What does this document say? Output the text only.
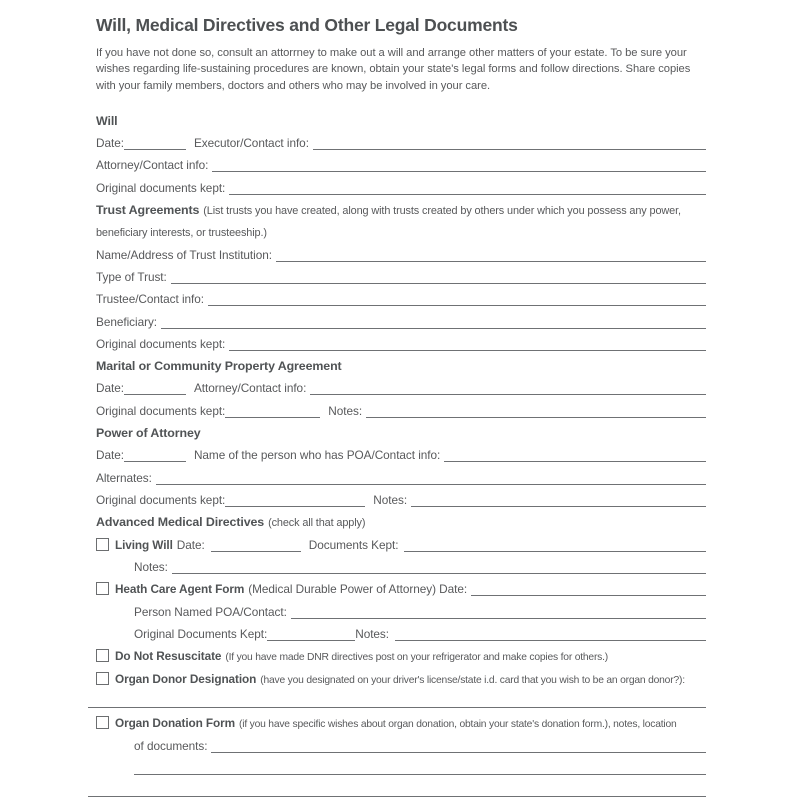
Will, Medical Directives and Other Legal Documents

If you have not done so, consult an attorrney to make out a will and arrange other matters of your estate. To be sure your wishes regarding life-sustaining procedures are known, obtain your state's legal forms and follow directions. Share copies with your family members, doctors and others who may be involved in your care.

Will
Date:	Executor/Contact info:
Attorney/Contact info:
Original documents kept:
Trust Agreements (List trusts you have created, along with trusts created by others under which you possess any power,
beneficiary interests, or trusteeship.)
Name/Address of Trust Institution:
Type of Trust:
Trustee/Contact info:
Beneficiary:
Original documents kept:
Marital or Community Property Agreement
Date:	Attorney/Contact info:
Original documents kept:	Notes:
Power of Attorney
Date:	Name of the person who has POA/Contact info:
Alternates:
Original documents kept:	Notes:
Advanced Medical Directives (check all that apply)
Living Will Date:	Documents Kept:
Notes:
Heath Care Agent Form (Medical Durable Power of Attorney) Date:
Person Named POA/Contact:
Original Documents Kept:	Notes:
Do Not Resuscitate (If you have made DNR directives post on your refrigerator and make copies for others.)
Organ Donor Designation (have you designated on your driver's license/state i.d. card that you wish to be an organ donor?):
Organ Donation Form (if you have specific wishes about organ donation, obtain your state's donation form.), notes, location
of documents:
